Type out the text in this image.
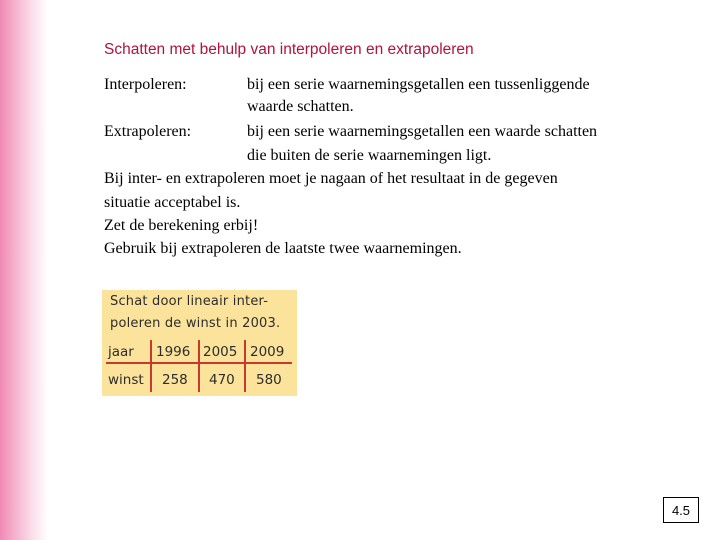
Schatten met behulp van interpoleren en extrapoleren
Interpoleren:	bij een serie waarnemingsgetallen een tussenliggende
waarde schatten.
Extrapoleren:	bij een serie waarnemingsgetallen een waarde schatten
die buiten de serie waarnemingen ligt.
Bij inter- en extrapoleren moet je nagaan of het resultaat in de gegeven
situatie acceptabel is.
Zet de berekening erbij!
Gebruik bij extrapoleren de laatste twee waarnemingen.
Schat door lineair inter-
poleren de winst in 2003.
jaar 1996 2005 2009
winst 258 470 580
4.5
